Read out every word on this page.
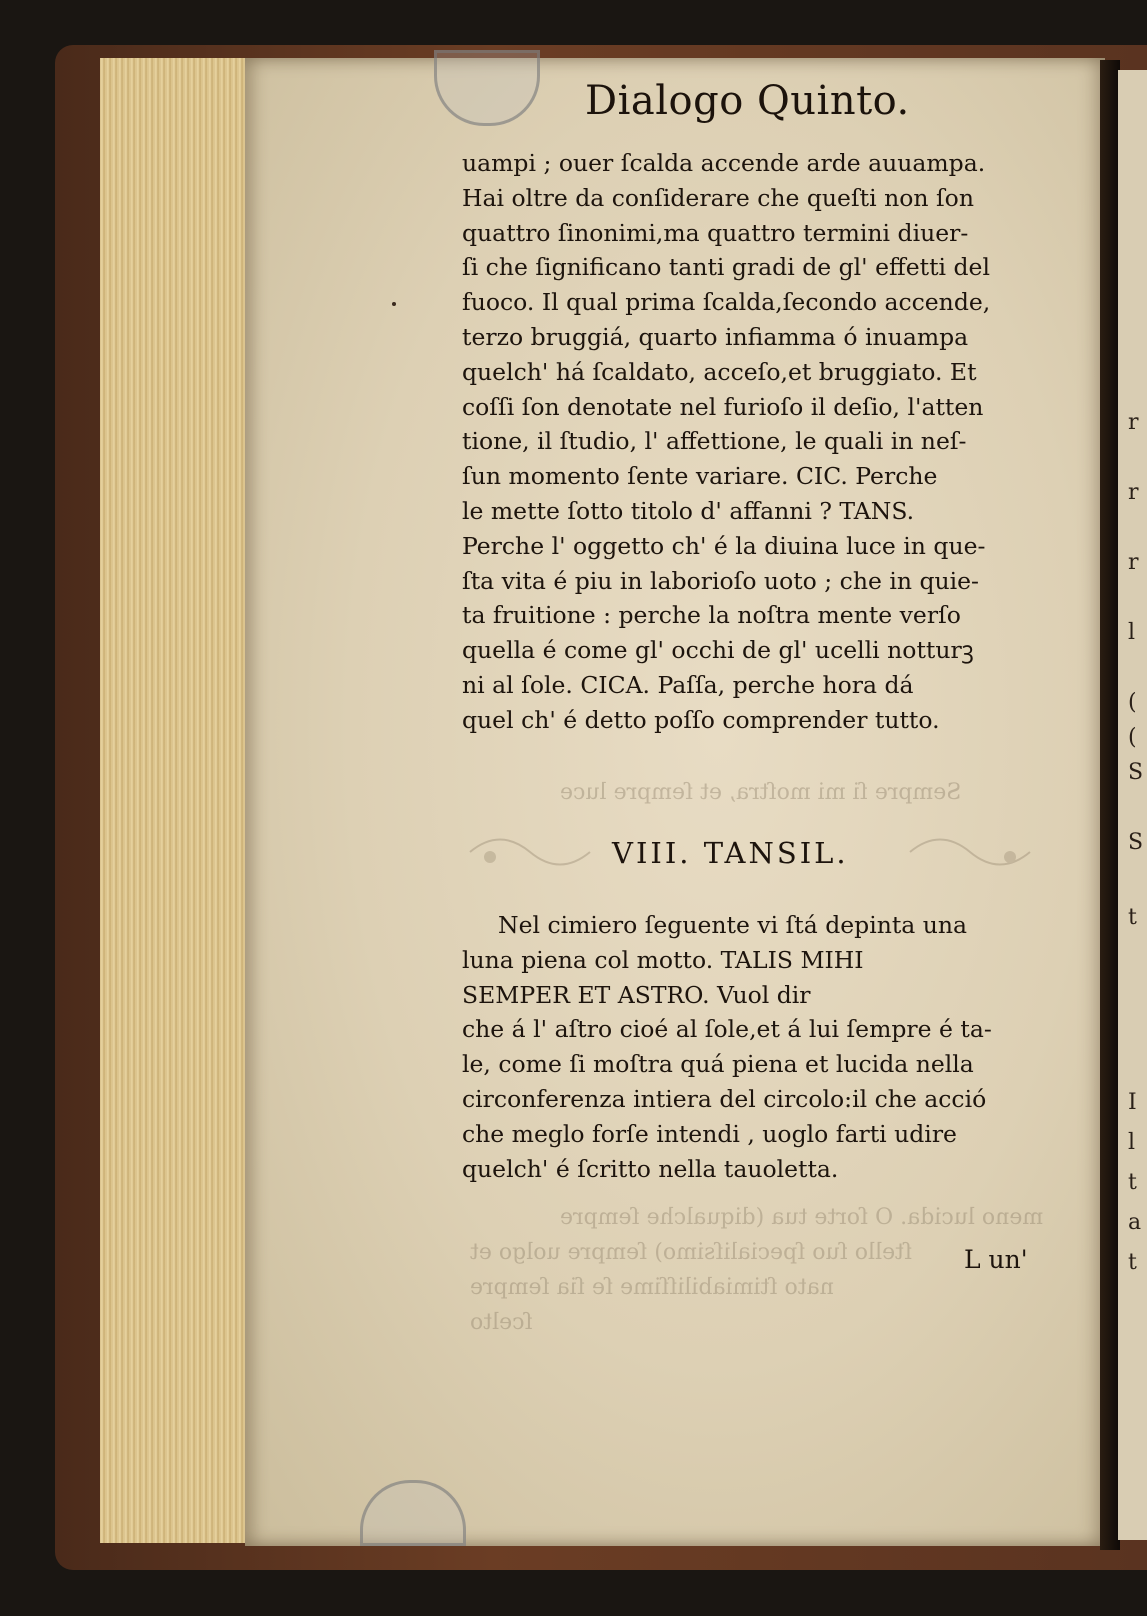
r
r
r
l
(
(
S
S
t
I
l
t
a
t
Dialogo Quinto.
uampi ; ouer ſcalda accende arde auuampa.
Hai oltre da conſiderare che queſti non ſon
quattro ſinonimi,ma quattro termini diuer-
ſi che ſignificano tanti gradi de gl' effetti del
fuoco. Il qual prima ſcalda,ſecondo accende,
terzo bruggiá, quarto infiamma ó inuampa
quelch' há ſcaldato, acceſo,et bruggiato. Et
coſſi ſon denotate nel furioſo il deſio, l'atten
tione, il ſtudio, l' affettione, le quali in neſ-
ſun momento ſente variare. CIC. Perche
le mette ſotto titolo d' affanni ? TANS.
Perche l' oggetto ch' é la diuina luce in que-
ſta vita é piu in laborioſo uoto ; che in quie-
ta fruitione : perche la noſtra mente verſo
quella é come gl' occhi de gl' ucelli notturꝫ
ni al ſole. CICA. Paſſa, perche hora dá
quel ch' é detto poſſo comprender tutto.
Sempre ſi mi moſtra, et ſempre luce
VIII. TANSIL.
Nel cimiero ſeguente vi ſtá depinta una
luna piena col motto. TALIS MIHI
SEMPER ET ASTRO. Vuol dir
che á l' aſtro cioé al ſole,et á lui ſempre é ta-
le, come ſi moſtra quá piena et lucida nella
circonferenza intiera del circolo:il che acció
che meglo forſe intendi , uoglo farti udire
quelch' é ſcritto nella tauoletta.
meno lucida. O ſorte tua (diqualche ſempre
ſtello ſuo ſpecialiſsimo) ſempre uolgo et
nato ſtimiabiliſſime ſe ſia ſempre
ſcelto
L un'
